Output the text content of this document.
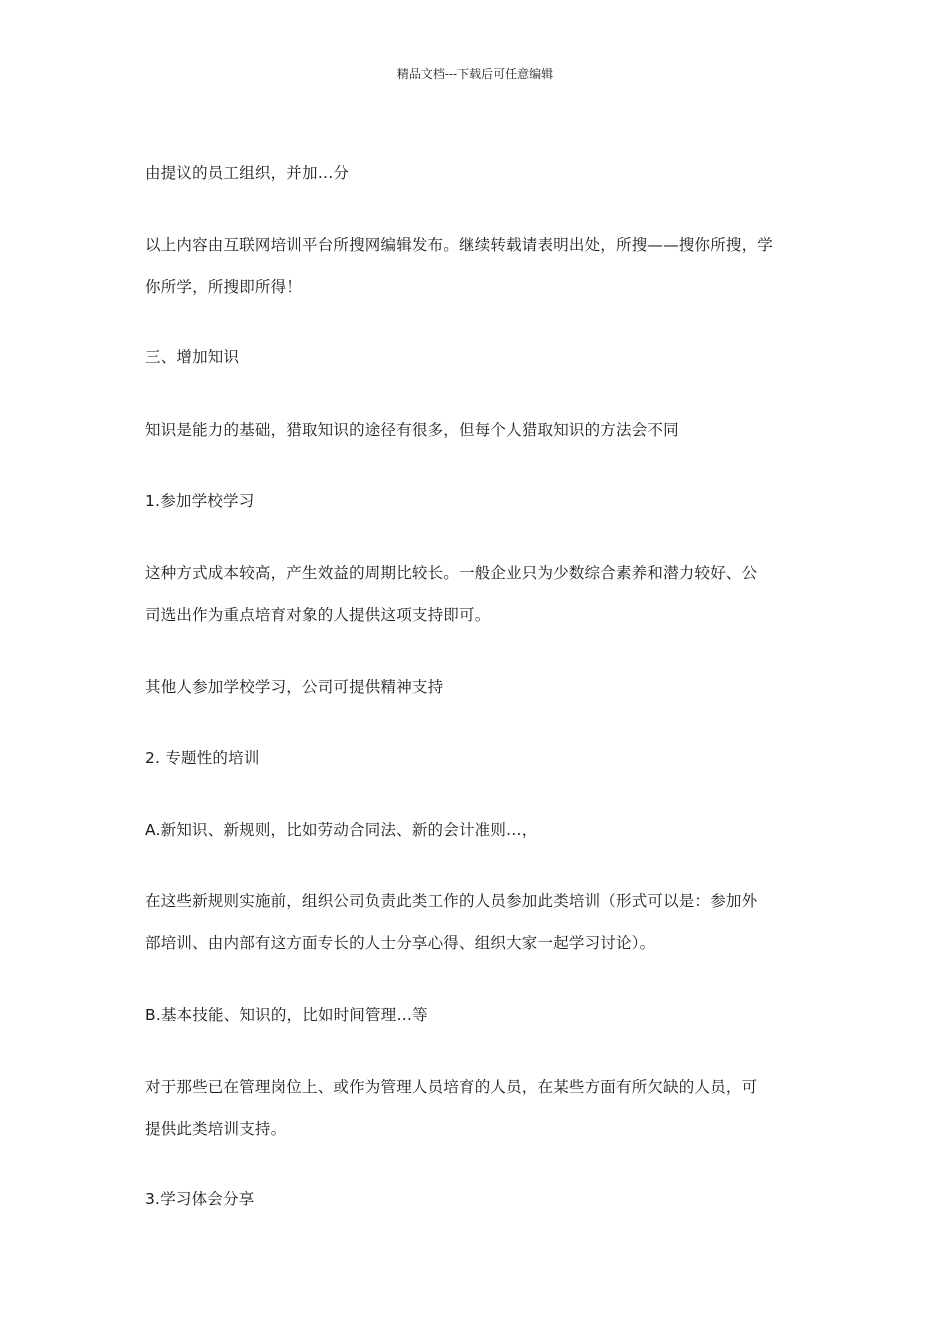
精品文档---下载后可任意编辑
由提议的员工组织，并加…分
以上内容由互联网培训平台所搜网编辑发布。继续转载请表明出处，所搜——搜你所搜，学
你所学，所搜即所得！
三、增加知识
知识是能力的基础，猎取知识的途径有很多，但每个人猎取知识的方法会不同
1.参加学校学习
这种方式成本较高，产生效益的周期比较长。一般企业只为少数综合素养和潜力较好、公
司选出作为重点培育对象的人提供这项支持即可。
其他人参加学校学习，公司可提供精神支持
2. 专题性的培训
A.新知识、新规则，比如劳动合同法、新的会计准则…，
在这些新规则实施前，组织公司负责此类工作的人员参加此类培训（形式可以是：参加外
部培训、由内部有这方面专长的人士分享心得、组织大家一起学习讨论）。
B.基本技能、知识的，比如时间管理…等
对于那些已在管理岗位上、或作为管理人员培育的人员，在某些方面有所欠缺的人员，可
提供此类培训支持。
3.学习体会分享
